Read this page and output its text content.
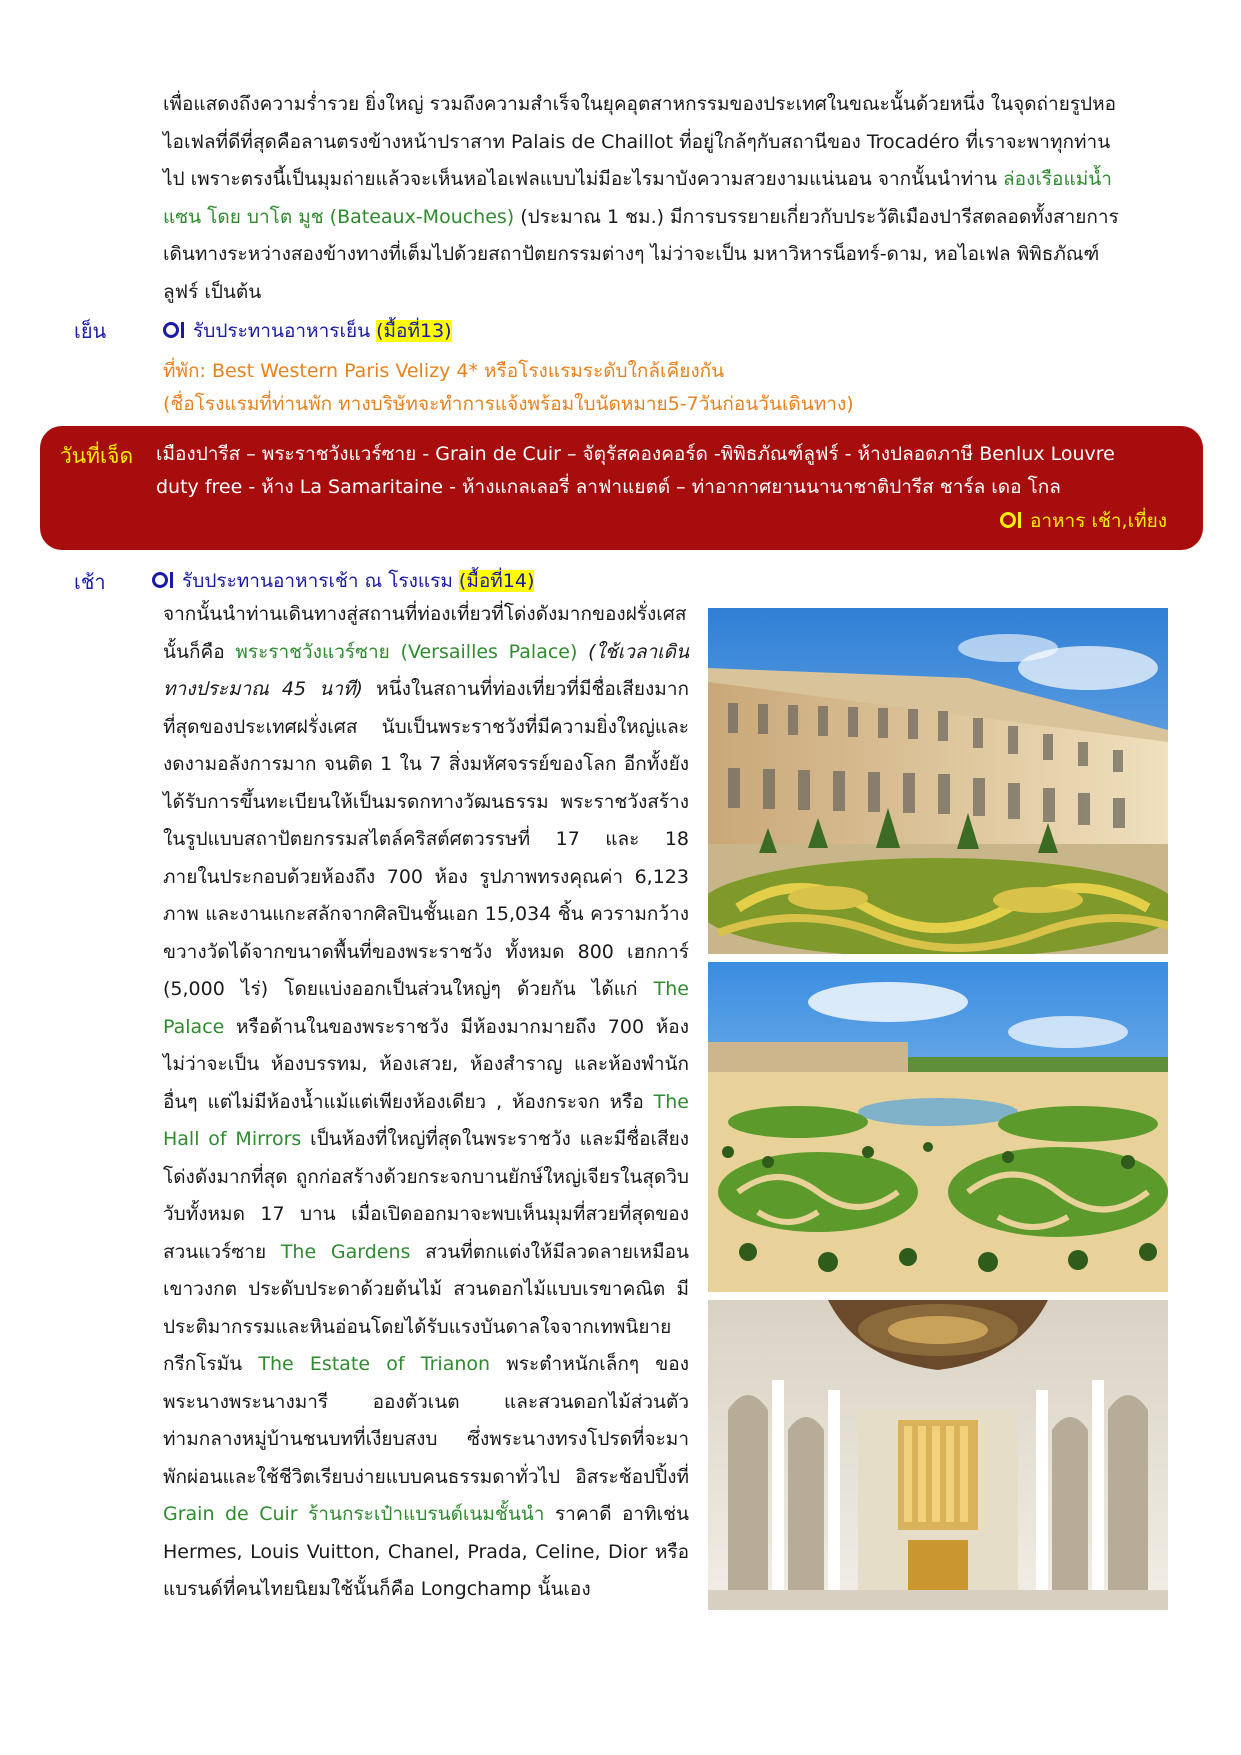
เพื่อแสดงถึงความร่ำรวย ยิ่งใหญ่ รวมถึงความสำเร็จในยุคอุตสาหกรรมของประเทศในขณะนั้นด้วยหนึ่ง ในจุดถ่ายรูปหอ
ไอเฟลที่ดีที่สุดคือลานตรงข้างหน้าปราสาท Palais de Chaillot ที่อยู่ใกล้ๆกับสถานีของ Trocadéro ที่เราจะพาทุกท่าน
ไป เพราะตรงนี้เป็นมุมถ่ายแล้วจะเห็นหอไอเฟลแบบไม่มีอะไรมาบังความสวยงามแน่นอน จากนั้นนำท่าน ล่องเรือแม่น้ำ
แซน โดย บาโต มูช (Bateaux-Mouches) (ประมาณ 1 ชม.) มีการบรรยายเกี่ยวกับประวัติเมืองปารีสตลอดทั้งสายการ
เดินทางระหว่างสองข้างทางที่เต็มไปด้วยสถาปัตยกรรมต่างๆ ไม่ว่าจะเป็น มหาวิหารน็อทร์-ดาม, หอไอเฟล พิพิธภัณฑ์
ลูฟร์ เป็นต้น
เย็น	รับประทานอาหารเย็น (มื้อที่13)
ที่พัก: Best Western Paris Velizy 4* หรือโรงแรมระดับใกล้เคียงกัน
(ชื่อโรงแรมที่ท่านพัก ทางบริษัทจะทำการแจ้งพร้อมใบนัดหมาย5-7วันก่อนวันเดินทาง)
วันที่เจ็ด เมืองปารีส – พระราชวังแวร์ซาย - Grain de Cuir – จัตุรัสคองคอร์ด -พิพิธภัณฑ์ลูฟร์ - ห้างปลอดภาษี Benlux Louvre
duty free - ห้าง La Samaritaine - ห้างแกลเลอรี่ ลาฟาแยตต์ – ท่าอากาศยานนานาชาติปารีส ชาร์ล เดอ โกล
อาหาร เช้า,เที่ยง
เช้า	รับประทานอาหารเช้า ณ โรงแรม (มื้อที่14)
จากนั้นนำท่านเดินทางสู่สถานที่ท่องเที่ยวที่โด่งดังมากของฝรั่งเศส นั้นก็คือ พระราชวังแวร์ซาย (Versailles Palace) (ใช้เวลาเดินทางประมาณ 45 นาที) หนึ่งในสถานที่ท่องเที่ยวที่มีชื่อเสียงมากที่สุดของประเทศฝรั่งเศส นับเป็นพระราชวังที่มีความยิ่งใหญ่และงดงามอลังการมาก จนติด 1 ใน 7 สิ่งมหัศจรรย์ของโลก อีกทั้งยังได้รับการขึ้นทะเบียนให้เป็นมรดกทางวัฒนธรรม พระราชวังสร้างในรูปแบบสถาปัตยกรรมสไตล์คริสต์ศตวรรษที่ 17 และ 18 ภายในประกอบด้วยห้องถึง 700 ห้อง รูปภาพทรงคุณค่า 6,123 ภาพ และงานแกะสลักจากศิลปินชั้นเอก 15,034 ชิ้น ควรามกว้างขวางวัดได้จากขนาดพื้นที่ของพระราชวัง ทั้งหมด 800 เฮกการ์ (5,000 ไร่) โดยแบ่งออกเป็นส่วนใหญ่ๆ ด้วยกัน ได้แก่ The Palace หรือด้านในของพระราชวัง มีห้องมากมายถึง 700 ห้อง ไม่ว่าจะเป็น ห้องบรรทม, ห้องเสวย, ห้องสำราญ และห้องพำนักอื่นๆ แต่ไม่มีห้องน้ำแม้แต่เพียงห้องเดียว , ห้องกระจก หรือ The Hall of Mirrors เป็นห้องที่ใหญ่ที่สุดในพระราชวัง และมีชื่อเสียงโด่งดังมากที่สุด ถูกก่อสร้างด้วยกระจกบานยักษ์ใหญ่เจียรในสุดวิบวับทั้งหมด 17 บาน เมื่อเปิดออกมาจะพบเห็นมุมที่สวยที่สุดของสวนแวร์ซาย The Gardens สวนที่ตกแต่งให้มีลวดลายเหมือนเขาวงกต ประดับประดาด้วยต้นไม้ สวนดอกไม้แบบเรขาคณิต มีประติมากรรมและหินอ่อนโดยได้รับแรงบันดาลใจจากเทพนิยายกรีกโรมัน The Estate of Trianon พระตำหนักเล็กๆ ของพระนางพระนางมารี อองตัวเนต และสวนดอกไม้ส่วนตัว ท่ามกลางหมู่บ้านชนบทที่เงียบสงบ ซึ่งพระนางทรงโปรดที่จะมาพักผ่อนและใช้ชีวิตเรียบง่ายแบบคนธรรมดาทั่วไป อิสระช้อปปิ้งที่ Grain de Cuir ร้านกระเป๋าแบรนด์เนมชั้นนำ ราคาดี อาทิเช่น Hermes, Louis Vuitton, Chanel, Prada, Celine, Dior หรือแบรนด์ที่คนไทยนิยมใช้นั้นก็คือ Longchamp นั้นเอง
